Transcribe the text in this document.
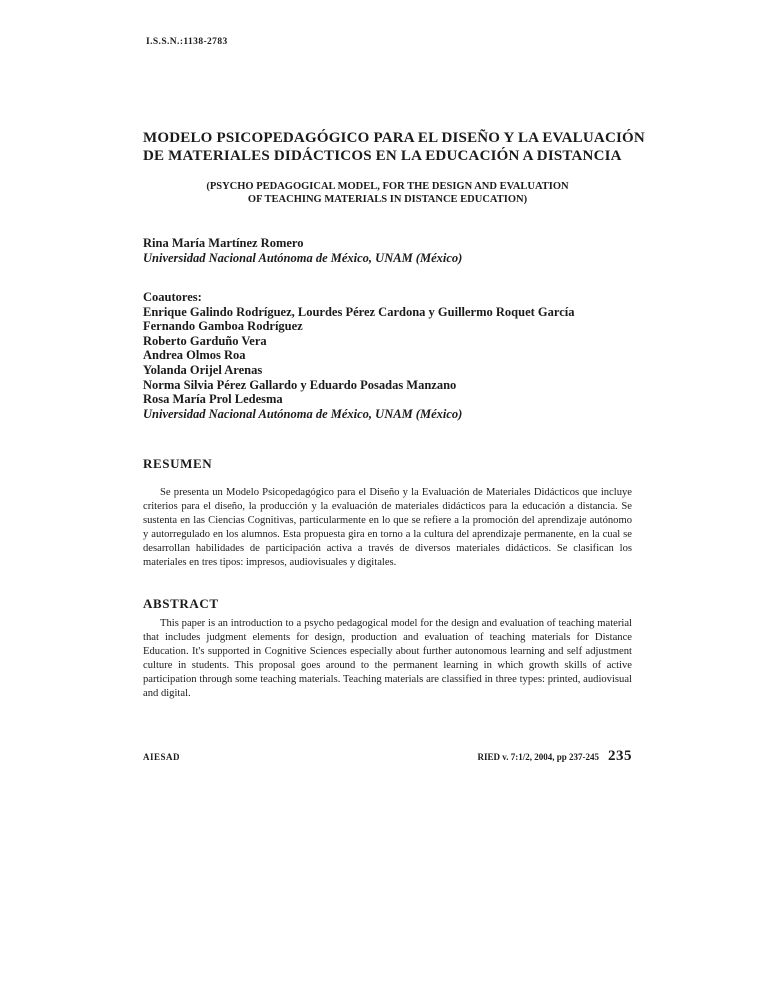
I.S.S.N.:1138-2783
MODELO PSICOPEDAGÓGICO PARA EL DISEÑO Y LA EVALUACIÓN
DE MATERIALES DIDÁCTICOS EN LA EDUCACIÓN A DISTANCIA
(PSYCHO PEDAGOGICAL MODEL, FOR THE DESIGN AND EVALUATION
OF TEACHING MATERIALS IN DISTANCE EDUCATION)
Rina María Martínez Romero
Universidad Nacional Autónoma de México, UNAM (México)
Coautores:
Enrique Galindo Rodríguez, Lourdes Pérez Cardona y Guillermo Roquet García
Fernando Gamboa Rodríguez
Roberto Garduño Vera
Andrea Olmos Roa
Yolanda Orijel Arenas
Norma Silvia Pérez Gallardo y Eduardo Posadas Manzano
Rosa María Prol Ledesma
Universidad Nacional Autónoma de México, UNAM (México)
RESUMEN
Se presenta un Modelo Psicopedagógico para el Diseño y la Evaluación de Materiales Didácticos que incluye criterios para el diseño, la producción y la evaluación de materiales didácticos para la educación a distancia. Se sustenta en las Ciencias Cognitivas, particularmente en lo que se refiere a la promoción del aprendizaje autónomo y autorregulado en los alumnos. Esta propuesta gira en torno a la cultura del aprendizaje permanente, en la cual se desarrollan habilidades de participación activa a través de diversos materiales didácticos. Se clasifican los materiales en tres tipos: impresos, audiovisuales y digitales.
ABSTRACT
This paper is an introduction to a psycho pedagogical model for the design and evaluation of teaching material that includes judgment elements for design, production and evaluation of teaching materials for Distance Education. It's supported in Cognitive Sciences especially about further autonomous learning and self adjustment culture in students. This proposal goes around to the permanent learning in which growth skills of active participation through some teaching materials. Teaching materials are classified in three types: printed, audiovisual and digital.
AIESAD	RIED v. 7:1/2, 2004, pp 237-245 235
